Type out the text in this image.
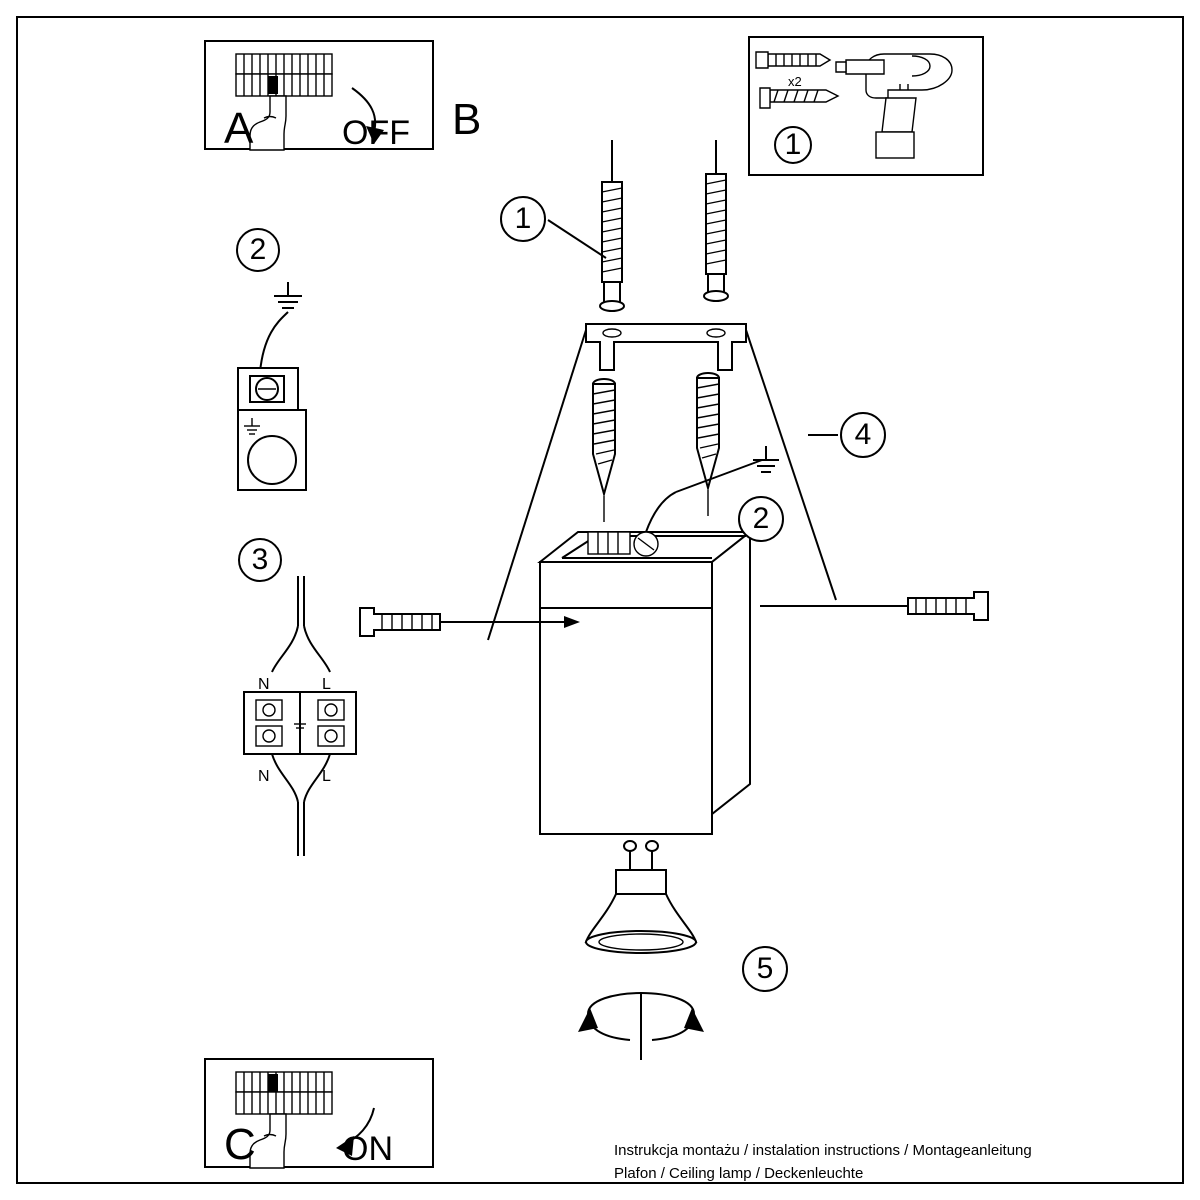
A	OFF B
x2
1
2
3
N	L
N	L
1
2
4
5
C	ON	Instrukcja montażu / instalation instructions / Montageanleitung
Plafon / Ceiling lamp / Deckenleuchte
